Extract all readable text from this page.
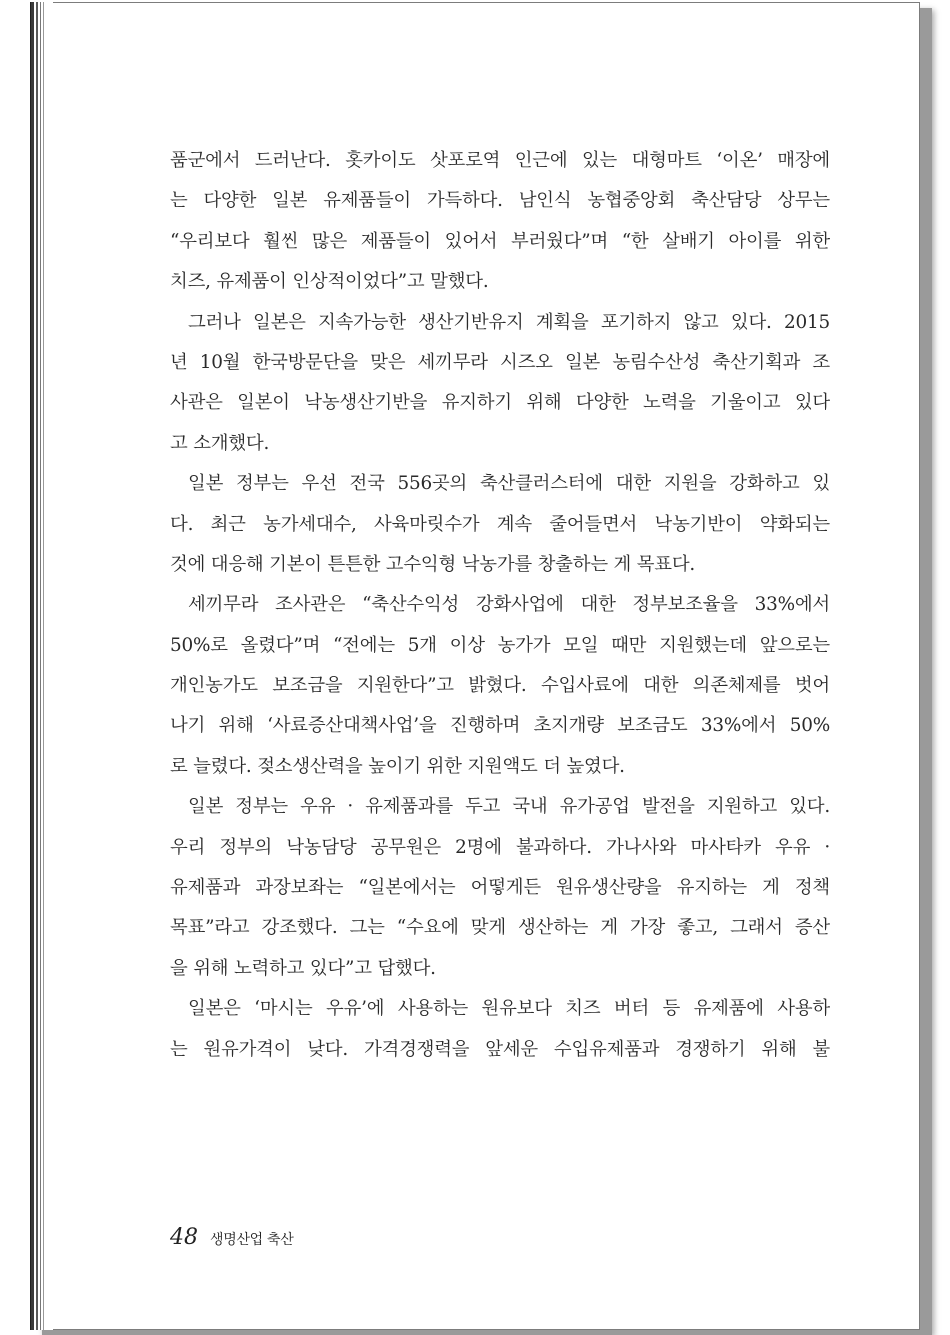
품군에서 드러난다. 홋카이도 삿포로역 인근에 있는 대형마트 ‘이온’ 매장에
는 다양한 일본 유제품들이 가득하다. 남인식 농협중앙회 축산담당 상무는
“우리보다 훨씬 많은 제품들이 있어서 부러웠다”며 “한 살배기 아이를 위한
치즈, 유제품이 인상적이었다”고 말했다.
그러나 일본은 지속가능한 생산기반유지 계획을 포기하지 않고 있다. 2015
년 10월 한국방문단을 맞은 세끼무라 시즈오 일본 농림수산성 축산기획과 조
사관은 일본이 낙농생산기반을 유지하기 위해 다양한 노력을 기울이고 있다
고 소개했다.
일본 정부는 우선 전국 556곳의 축산클러스터에 대한 지원을 강화하고 있
다. 최근 농가세대수, 사육마릿수가 계속 줄어들면서 낙농기반이 약화되는
것에 대응해 기본이 튼튼한 고수익형 낙농가를 창출하는 게 목표다.
세끼무라 조사관은 “축산수익성 강화사업에 대한 정부보조율을 33%에서
50%로 올렸다”며 “전에는 5개 이상 농가가 모일 때만 지원했는데 앞으로는
개인농가도 보조금을 지원한다”고 밝혔다. 수입사료에 대한 의존체제를 벗어
나기 위해 ‘사료증산대책사업’을 진행하며 초지개량 보조금도 33%에서 50%
로 늘렸다. 젖소생산력을 높이기 위한 지원액도 더 높였다.
일본 정부는 우유 · 유제품과를 두고 국내 유가공업 발전을 지원하고 있다.
우리 정부의 낙농담당 공무원은 2명에 불과하다. 가나사와 마사타카 우유 ·
유제품과 과장보좌는 “일본에서는 어떻게든 원유생산량을 유지하는 게 정책
목표”라고 강조했다. 그는 “수요에 맞게 생산하는 게 가장 좋고, 그래서 증산
을 위해 노력하고 있다”고 답했다.
일본은 ‘마시는 우유’에 사용하는 원유보다 치즈 버터 등 유제품에 사용하
는 원유가격이 낮다. 가격경쟁력을 앞세운 수입유제품과 경쟁하기 위해 불
48 생명산업 축산
